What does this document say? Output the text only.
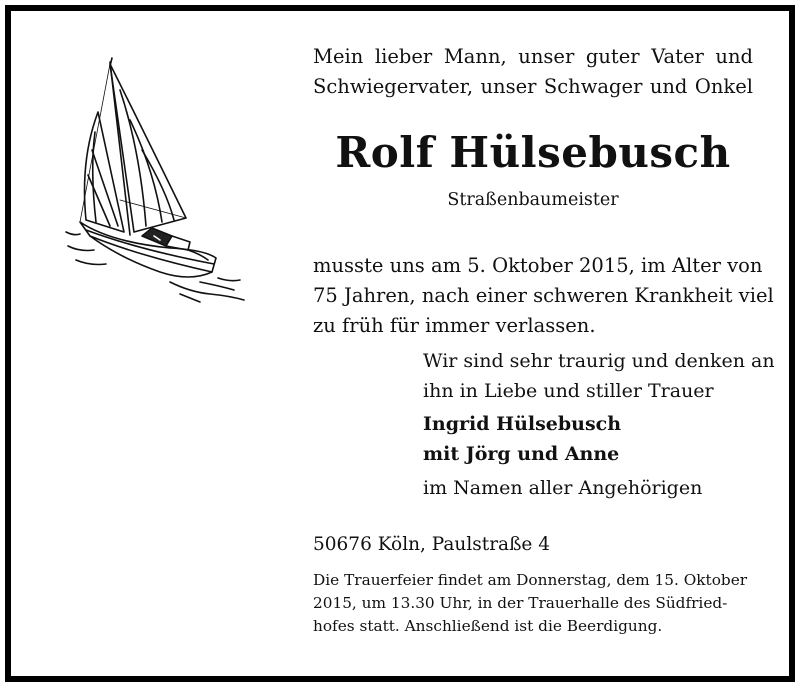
Mein lieber Mann, unser guter Vater und
Schwiegervater, unser Schwager und Onkel
Rolf Hülsebusch
Straßenbaumeister
musste uns am 5. Oktober 2015, im Alter von
75 Jahren, nach einer schweren Krankheit viel
zu früh für immer verlassen.
Wir sind sehr traurig und denken an
ihn in Liebe und stiller Trauer
Ingrid Hülsebusch
mit Jörg und Anne
im Namen aller Angehörigen
50676 Köln, Paulstraße 4
Die Trauerfeier findet am Donnerstag, dem 15. Oktober
2015, um 13.30 Uhr, in der Trauerhalle des Südfried-
hofes statt. Anschließend ist die Beerdigung.
